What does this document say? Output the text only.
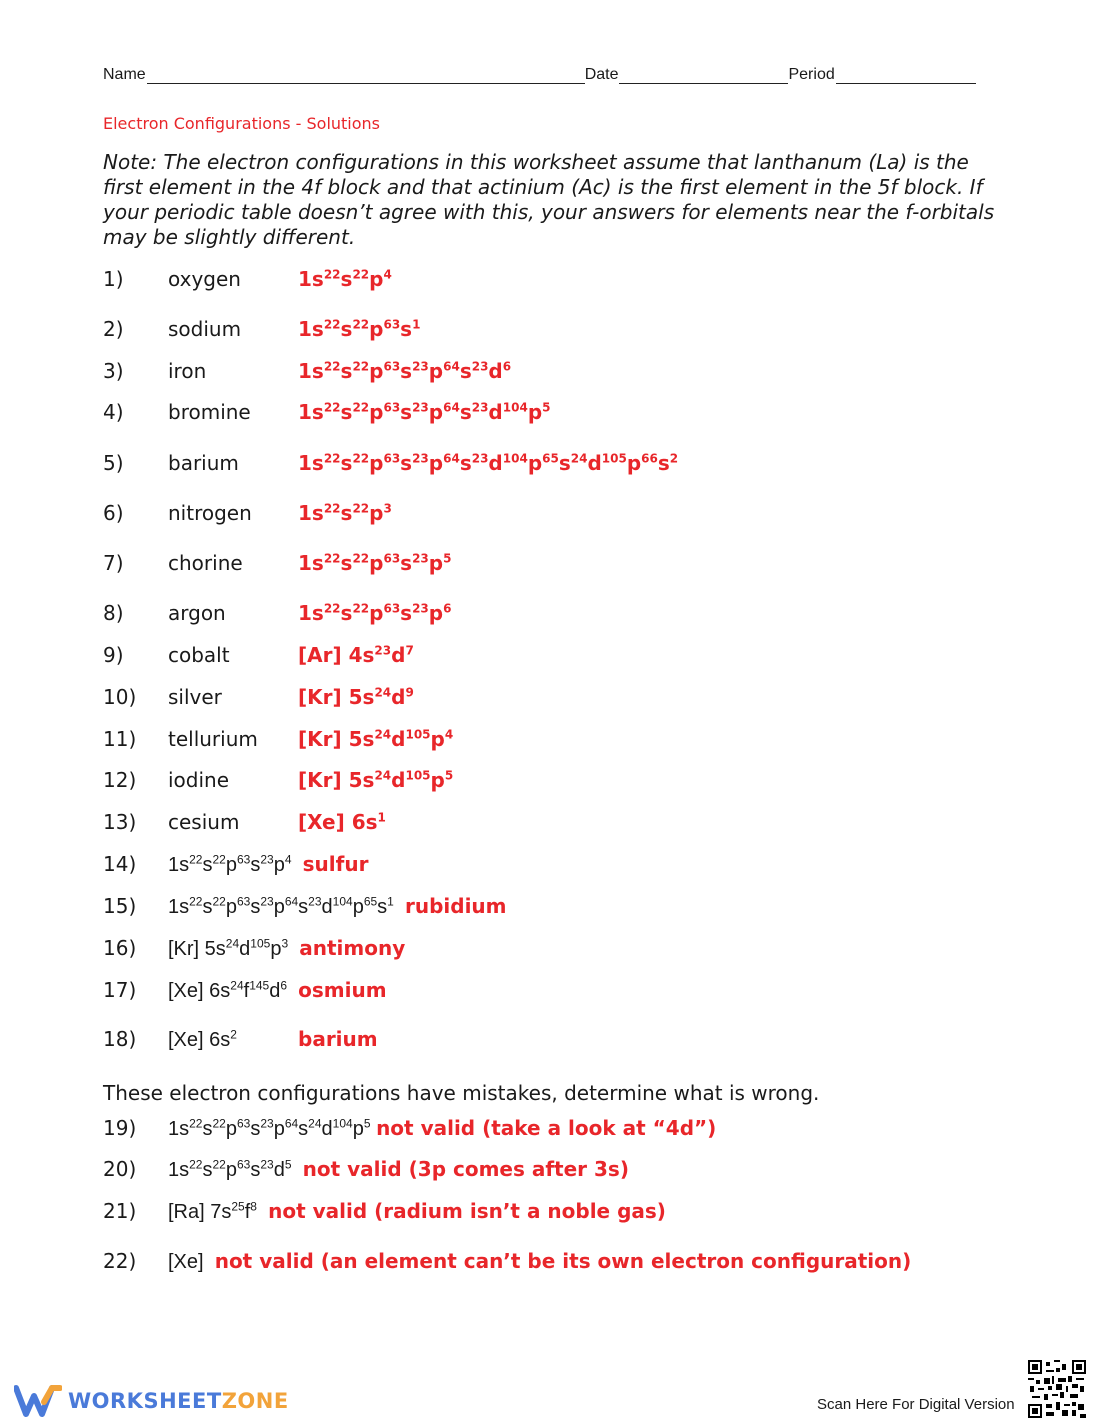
Name	Date	Period
Electron Configurations - Solutions
Note: The electron configurations in this worksheet assume that lanthanum (La) is the first element in the 4f block and that actinium (Ac) is the first element in the 5f block. If your periodic table doesn’t agree with this, your answers for elements near the f-orbitals may be slightly different.
1) oxygen	$1s^{22}s^{22}p^4$
2) sodium	$1s^{22}s^{22}p^{63}s^1$
3) iron	$1s^{22}s^{22}p^{63}s^{23}p^{64}s^{23}d^6$
4) bromine $1s^{22}s^{22}p^{63}s^{23}p^{64}s^{23}d^{104}p^5$
5) barium	$1s^{22}s^{22}p^{63}s^{23}p^{64}s^{23}d^{104}p^{65}s^{24}d^{105}p^{66}s^2$
6) nitrogen $1s^{22}s^{22}p^3$
7) chorine	$1s^{22}s^{22}p^{63}s^{23}p^5$
8) argon	$1s^{22}s^{22}p^{63}s^{23}p^6$
9) cobalt	[Ar] $4s^{23}d^7$
10) silver	[Kr] $5s^{24}d^9$
11) tellurium [Kr] $5s^{24}d^{105}p^4$
12) iodine	[Kr] $5s^{24}d^{105}p^5$
13) cesium	[Xe] $6s^1$
14) $1s^{22}s^{22}p^{63}s^{23}p^4$ sulfur
15) $1s^{22}s^{22}p^{63}s^{23}p^{64}s^{23}d^{104}p^{65}s^1$ rubidium
16) [Kr] $5s^{24}d^{105}p^3$ antimony
17) [Xe] $6s^{24}f^{145}d^6$ osmium
18) [Xe] $6s^2$	barium
These electron configurations have mistakes, determine what is wrong.
19) $1s^{22}s^{22}p^{63}s^{23}p^{64}s^{24}d^{104}p^5$ not valid (take a look at “4d”)
20) $1s^{22}s^{22}p^{63}s^{23}d^5$ not valid (3p comes after 3s)
21) [Ra] $7s^{25}f^8$ not valid (radium isn’t a noble gas)
22) [Xe] not valid (an element can’t be its own electron configuration)
WORKSHEETZONE	Scan Here For Digital Version
